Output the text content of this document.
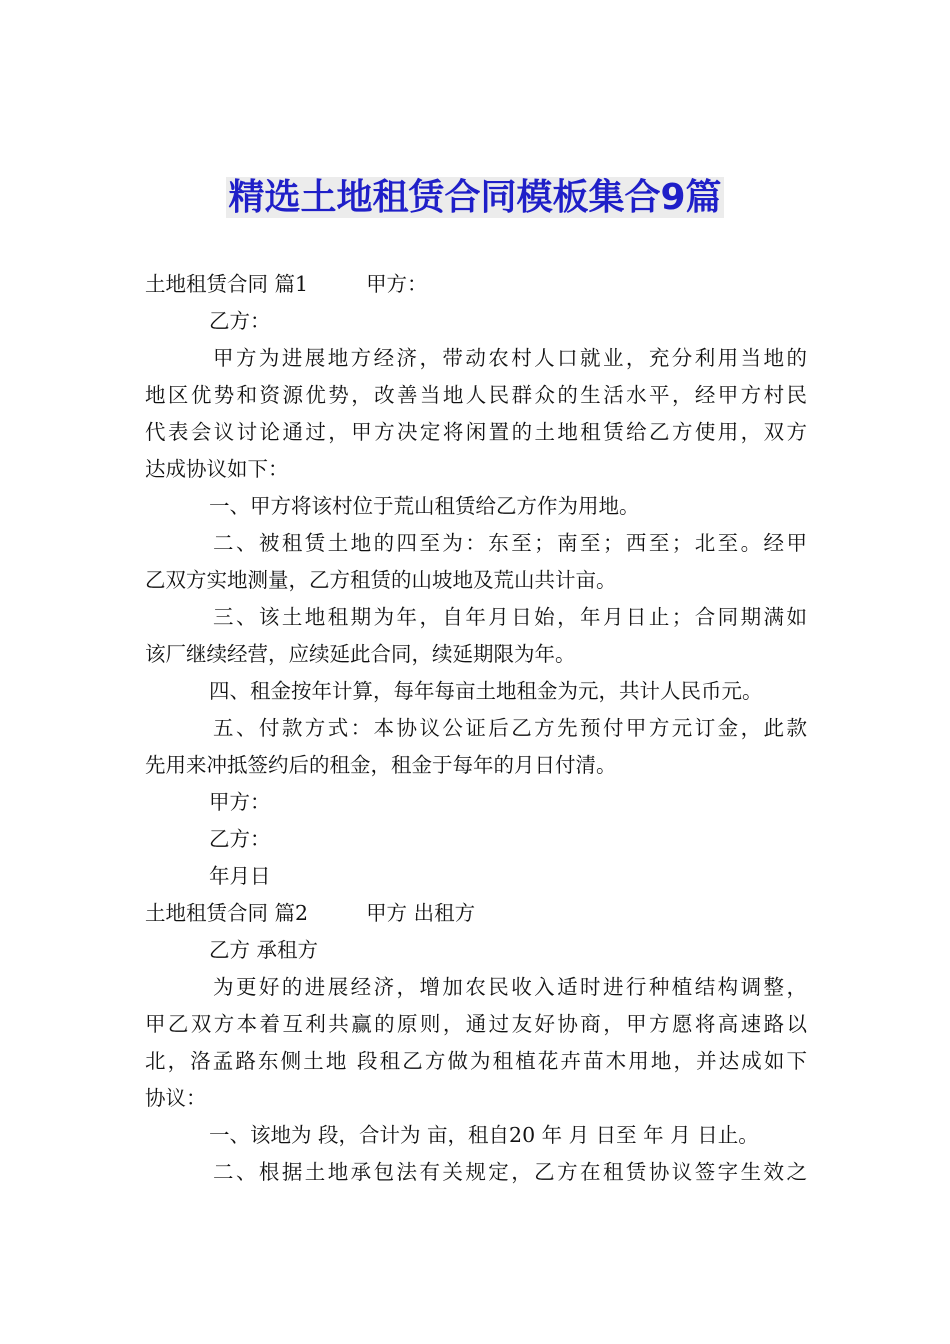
精选土地租赁合同模板集合9篇
土地租赁合同 篇1	甲方：
乙方：
甲方为进展地方经济，带动农村人口就业，充分利用当地的
地区优势和资源优势，改善当地人民群众的生活水平，经甲方村民
代表会议讨论通过，甲方决定将闲置的土地租赁给乙方使用，双方
达成协议如下：
一、甲方将该村位于荒山租赁给乙方作为用地。
二、被租赁土地的四至为：东至；南至；西至；北至。经甲
乙双方实地测量，乙方租赁的山坡地及荒山共计亩。
三、该土地租期为年，自年月日始，年月日止；合同期满如
该厂继续经营，应续延此合同，续延期限为年。
四、租金按年计算，每年每亩土地租金为元，共计人民币元。
五、付款方式：本协议公证后乙方先预付甲方元订金，此款
先用来冲抵签约后的租金，租金于每年的月日付清。
甲方：
乙方：
年月日
土地租赁合同 篇2	甲方 出租方
乙方 承租方
为更好的进展经济，增加农民收入适时进行种植结构调整，
甲乙双方本着互利共赢的原则，通过友好协商，甲方愿将高速路以
北，洛孟路东侧土地 段租乙方做为租植花卉苗木用地，并达成如下
协议：
一、该地为 段，合计为 亩，租自20 年 月 日至 年 月 日止。
二、根据土地承包法有关规定，乙方在租赁协议签字生效之
